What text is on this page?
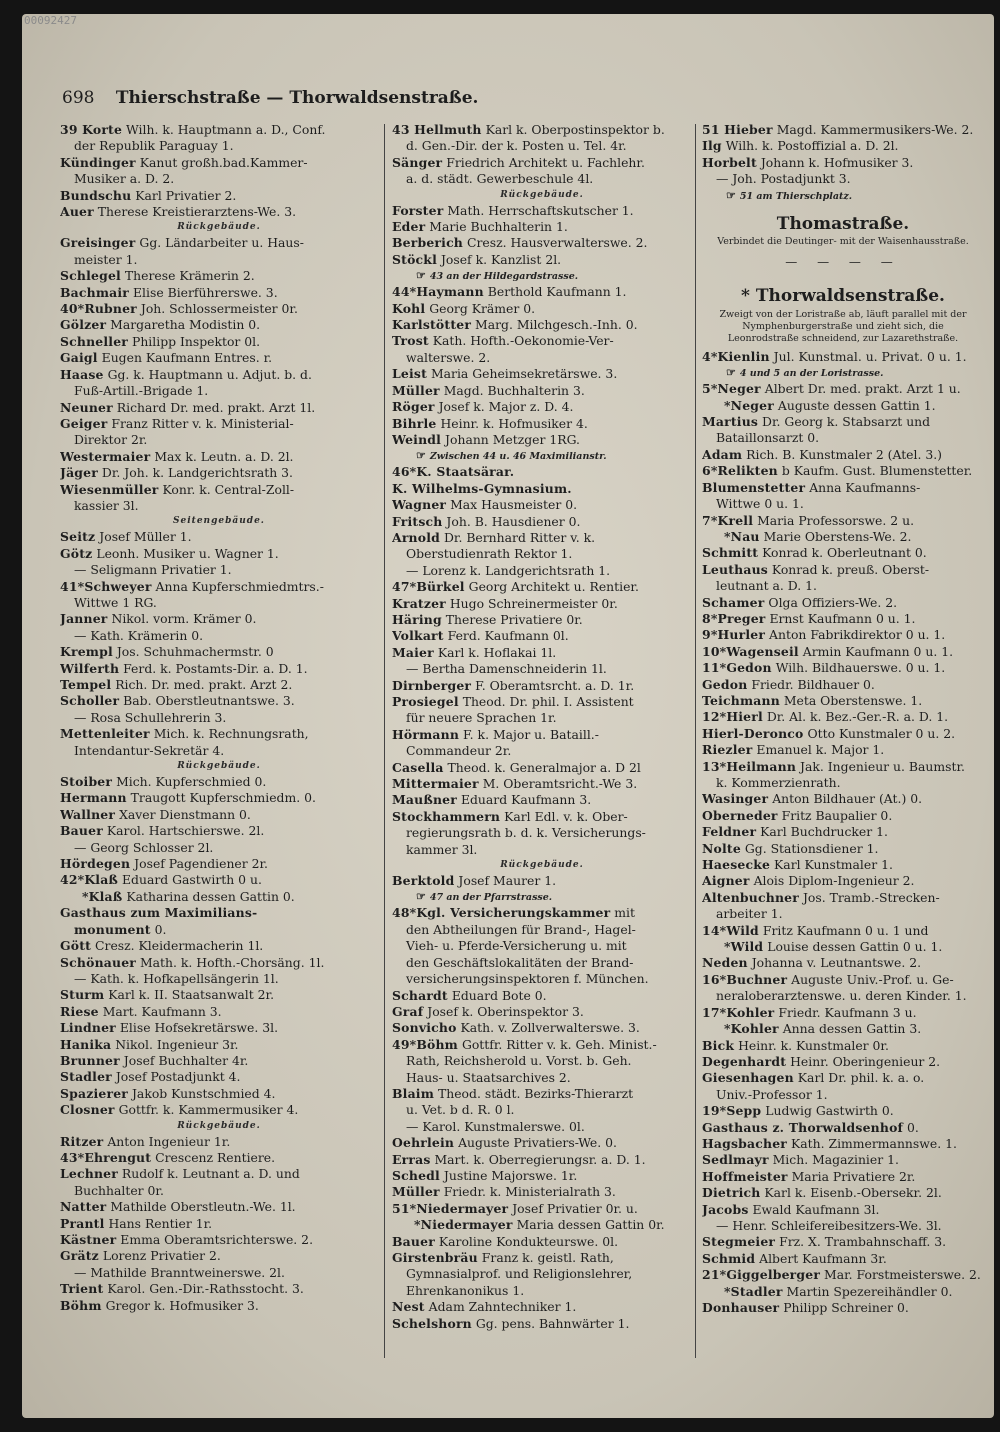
00092427
698 Thierschstraße — Thorwaldsenstraße.
39 Korte Wilh. k. Hauptmann a. D., Conf.
der Republik Paraguay 1.
Kündinger Kanut großh.bad.Kammer-
Musiker a. D. 2.
Bundschu Karl Privatier 2.
Auer Therese Kreistierarztens-We. 3.
Rückgebäude.
Greisinger Gg. Ländarbeiter u. Haus-
meister 1.
Schlegel Therese Krämerin 2.
Bachmair Elise Bierführerswe. 3.
40*Rubner Joh. Schlossermeister 0r.
Gölzer Margaretha Modistin 0.
Schneller Philipp Inspektor 0l.
Gaigl Eugen Kaufmann Entres. r.
Haase Gg. k. Hauptmann u. Adjut. b. d.
Fuß-Artill.-Brigade 1.
Neuner Richard Dr. med. prakt. Arzt 1l.
Geiger Franz Ritter v. k. Ministerial-
Direktor 2r.
Westermaier Max k. Leutn. a. D. 2l.
Jäger Dr. Joh. k. Landgerichtsrath 3.
Wiesenmüller Konr. k. Central-Zoll-
kassier 3l.
Seitengebäude.
Seitz Josef Müller 1.
Götz Leonh. Musiker u. Wagner 1.
— Seligmann Privatier 1.
41*Schweyer Anna Kupferschmiedmtrs.-
Wittwe 1 RG.
Janner Nikol. vorm. Krämer 0.
— Kath. Krämerin 0.
Krempl Jos. Schuhmachermstr. 0
Wilferth Ferd. k. Postamts-Dir. a. D. 1.
Tempel Rich. Dr. med. prakt. Arzt 2.
Scholler Bab. Oberstleutnantswe. 3.
— Rosa Schullehrerin 3.
Mettenleiter Mich. k. Rechnungsrath,
Intendantur-Sekretär 4.
Rückgebäude.
Stoiber Mich. Kupferschmied 0.
Hermann Traugott Kupferschmiedm. 0.
Wallner Xaver Dienstmann 0.
Bauer Karol. Hartschierswe. 2l.
— Georg Schlosser 2l.
Hördegen Josef Pagendiener 2r.
42*Klaß Eduard Gastwirth 0 u.
*Klaß Katharina dessen Gattin 0.
Gasthaus zum Maximilians-
monument 0.
Gött Cresz. Kleidermacherin 1l.
Schönauer Math. k. Hofth.-Chorsäng. 1l.
— Kath. k. Hofkapellsängerin 1l.
Sturm Karl k. II. Staatsanwalt 2r.
Riese Mart. Kaufmann 3.
Lindner Elise Hofsekretärswe. 3l.
Hanika Nikol. Ingenieur 3r.
Brunner Josef Buchhalter 4r.
Stadler Josef Postadjunkt 4.
Spazierer Jakob Kunstschmied 4.
Closner Gottfr. k. Kammermusiker 4.
Rückgebäude.
Ritzer Anton Ingenieur 1r.
43*Ehrengut Crescenz Rentiere.
Lechner Rudolf k. Leutnant a. D. und
Buchhalter 0r.
Natter Mathilde Oberstleutn.-We. 1l.
Prantl Hans Rentier 1r.
Kästner Emma Oberamtsrichterswe. 2.
Grätz Lorenz Privatier 2.
— Mathilde Branntweinerswe. 2l.
Trient Karol. Gen.-Dir.-Rathsstocht. 3.
Böhm Gregor k. Hofmusiker 3.
43 Hellmuth Karl k. Oberpostinspektor b.
d. Gen.-Dir. der k. Posten u. Tel. 4r.
Sänger Friedrich Architekt u. Fachlehr.
a. d. städt. Gewerbeschule 4l.
Rückgebäude.
Forster Math. Herrschaftskutscher 1.
Eder Marie Buchhalterin 1.
Berberich Cresz. Hausverwalterswe. 2.
Stöckl Josef k. Kanzlist 2l.
☞ 43 an der Hildegardstrasse.
44*Haymann Berthold Kaufmann 1.
Kohl Georg Krämer 0.
Karlstötter Marg. Milchgesch.-Inh. 0.
Trost Kath. Hofth.-Oekonomie-Ver-
walterswe. 2.
Leist Maria Geheimsekretärswe. 3.
Müller Magd. Buchhalterin 3.
Röger Josef k. Major z. D. 4.
Bihrle Heinr. k. Hofmusiker 4.
Weindl Johann Metzger 1RG.
☞ Zwischen 44 u. 46 Maximilianstr.
46*K. Staatsärar.
K. Wilhelms-Gymnasium.
Wagner Max Hausmeister 0.
Fritsch Joh. B. Hausdiener 0.
Arnold Dr. Bernhard Ritter v. k.
Oberstudienrath Rektor 1.
— Lorenz k. Landgerichtsrath 1.
47*Bürkel Georg Architekt u. Rentier.
Kratzer Hugo Schreinermeister 0r.
Häring Therese Privatiere 0r.
Volkart Ferd. Kaufmann 0l.
Maier Karl k. Hoflakai 1l.
— Bertha Damenschneiderin 1l.
Dirnberger F. Oberamtsrcht. a. D. 1r.
Prosiegel Theod. Dr. phil. I. Assistent
für neuere Sprachen 1r.
Hörmann F. k. Major u. Bataill.-
Commandeur 2r.
Casella Theod. k. Generalmajor a. D 2l
Mittermaier M. Oberamtsricht.-We 3.
Maußner Eduard Kaufmann 3.
Stockhammern Karl Edl. v. k. Ober-
regierungsrath b. d. k. Versicherungs-
kammer 3l.
Rückgebäude.
Berktold Josef Maurer 1.
☞ 47 an der Pfarrstrasse.
48*Kgl. Versicherungskammer mit
den Abtheilungen für Brand-, Hagel-
Vieh- u. Pferde-Versicherung u. mit
den Geschäftslokalitäten der Brand-
versicherungsinspektoren f. München.
Schardt Eduard Bote 0.
Graf Josef k. Oberinspektor 3.
Sonvicho Kath. v. Zollverwalterswe. 3.
49*Böhm Gottfr. Ritter v. k. Geh. Minist.-
Rath, Reichsherold u. Vorst. b. Geh.
Haus- u. Staatsarchives 2.
Blaim Theod. städt. Bezirks-Thierarzt
u. Vet. b d. R. 0 l.
— Karol. Kunstmalerswe. 0l.
Oehrlein Auguste Privatiers-We. 0.
Erras Mart. k. Oberregierungsr. a. D. 1.
Schedl Justine Majorswe. 1r.
Müller Friedr. k. Ministerialrath 3.
51*Niedermayer Josef Privatier 0r. u.
*Niedermayer Maria dessen Gattin 0r.
Bauer Karoline Kondukteurswe. 0l.
Girstenbräu Franz k. geistl. Rath,
Gymnasialprof. und Religionslehrer,
Ehrenkanonikus 1.
Nest Adam Zahntechniker 1.
Schelshorn Gg. pens. Bahnwärter 1.
51 Hieber Magd. Kammermusikers-We. 2.
Ilg Wilh. k. Postoffizial a. D. 2l.
Horbelt Johann k. Hofmusiker 3.
— Joh. Postadjunkt 3.
☞ 51 am Thierschplatz.
Thomastraße.
Verbindet die Deutinger- mit der Waisenhausstraße.
— — — —
* Thorwaldsenstraße.
Zweigt von der Loristraße ab, läuft parallel mit der Nymphenburgerstraße und zieht sich, die Leonrodstraße schneidend, zur Lazarethstraße.
4*Kienlin Jul. Kunstmal. u. Privat. 0 u. 1.
☞ 4 und 5 an der Loristrasse.
5*Neger Albert Dr. med. prakt. Arzt 1 u.
*Neger Auguste dessen Gattin 1.
Martius Dr. Georg k. Stabsarzt und
Bataillonsarzt 0.
Adam Rich. B. Kunstmaler 2 (Atel. 3.)
6*Relikten b Kaufm. Gust. Blumenstetter.
Blumenstetter Anna Kaufmanns-
Wittwe 0 u. 1.
7*Krell Maria Professorswe. 2 u.
*Nau Marie Oberstens-We. 2.
Schmitt Konrad k. Oberleutnant 0.
Leuthaus Konrad k. preuß. Oberst-
leutnant a. D. 1.
Schamer Olga Offiziers-We. 2.
8*Preger Ernst Kaufmann 0 u. 1.
9*Hurler Anton Fabrikdirektor 0 u. 1.
10*Wagenseil Armin Kaufmann 0 u. 1.
11*Gedon Wilh. Bildhauerswe. 0 u. 1.
Gedon Friedr. Bildhauer 0.
Teichmann Meta Oberstenswe. 1.
12*Hierl Dr. Al. k. Bez.-Ger.-R. a. D. 1.
Hierl-Deronco Otto Kunstmaler 0 u. 2.
Riezler Emanuel k. Major 1.
13*Heilmann Jak. Ingenieur u. Baumstr.
k. Kommerzienrath.
Wasinger Anton Bildhauer (At.) 0.
Oberneder Fritz Baupalier 0.
Feldner Karl Buchdrucker 1.
Nolte Gg. Stationsdiener 1.
Haesecke Karl Kunstmaler 1.
Aigner Alois Diplom-Ingenieur 2.
Altenbuchner Jos. Tramb.-Strecken-
arbeiter 1.
14*Wild Fritz Kaufmann 0 u. 1 und
*Wild Louise dessen Gattin 0 u. 1.
Neden Johanna v. Leutnantswe. 2.
16*Buchner Auguste Univ.-Prof. u. Ge-
neraloberarztenswe. u. deren Kinder. 1.
17*Kohler Friedr. Kaufmann 3 u.
*Kohler Anna dessen Gattin 3.
Bick Heinr. k. Kunstmaler 0r.
Degenhardt Heinr. Oberingenieur 2.
Giesenhagen Karl Dr. phil. k. a. o.
Univ.-Professor 1.
19*Sepp Ludwig Gastwirth 0.
Gasthaus z. Thorwaldsenhof 0.
Hagsbacher Kath. Zimmermannswe. 1.
Sedlmayr Mich. Magazinier 1.
Hoffmeister Maria Privatiere 2r.
Dietrich Karl k. Eisenb.-Obersekr. 2l.
Jacobs Ewald Kaufmann 3l.
— Henr. Schleifereibesitzers-We. 3l.
Stegmeier Frz. X. Trambahnschaff. 3.
Schmid Albert Kaufmann 3r.
21*Giggelberger Mar. Forstmeisterswe. 2.
*Stadler Martin Spezereihändler 0.
Donhauser Philipp Schreiner 0.
